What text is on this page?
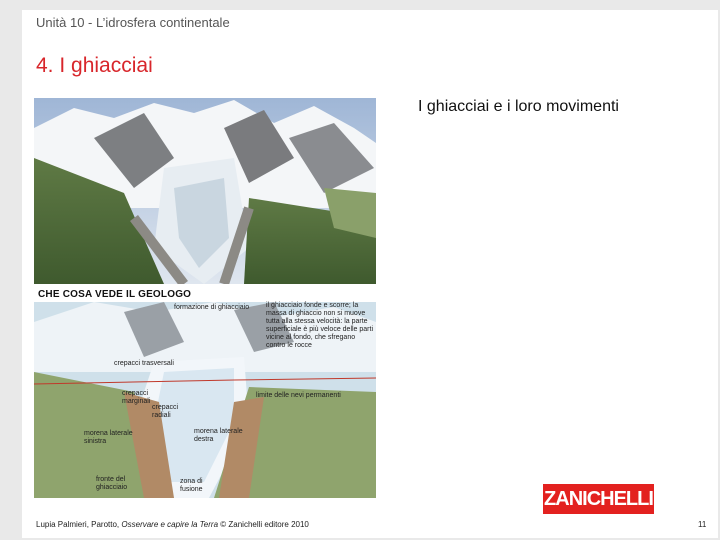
Unità 10 - L’idrosfera continentale
4. I ghiacciai
I ghiacciai e i loro movimenti
CHE COSA VEDE IL GEOLOGO
formazione di ghiacciaio il ghiacciaio fonde e scorre; la massa di ghiaccio non si muove tutta alla stessa velocità: la parte superficiale è più veloce delle parti vicine al fondo, che sfregano contro le rocce
crepacci trasversali
crepacci marginali
crepacci radiali
morena laterale sinistra
morena laterale destra
limite delle nevi permanenti
fronte del ghiacciaio
zona di fusione	ZANICHELLI
Lupia Palmieri, Parotto, Osservare e capire la Terra © Zanichelli editore 2010	11
